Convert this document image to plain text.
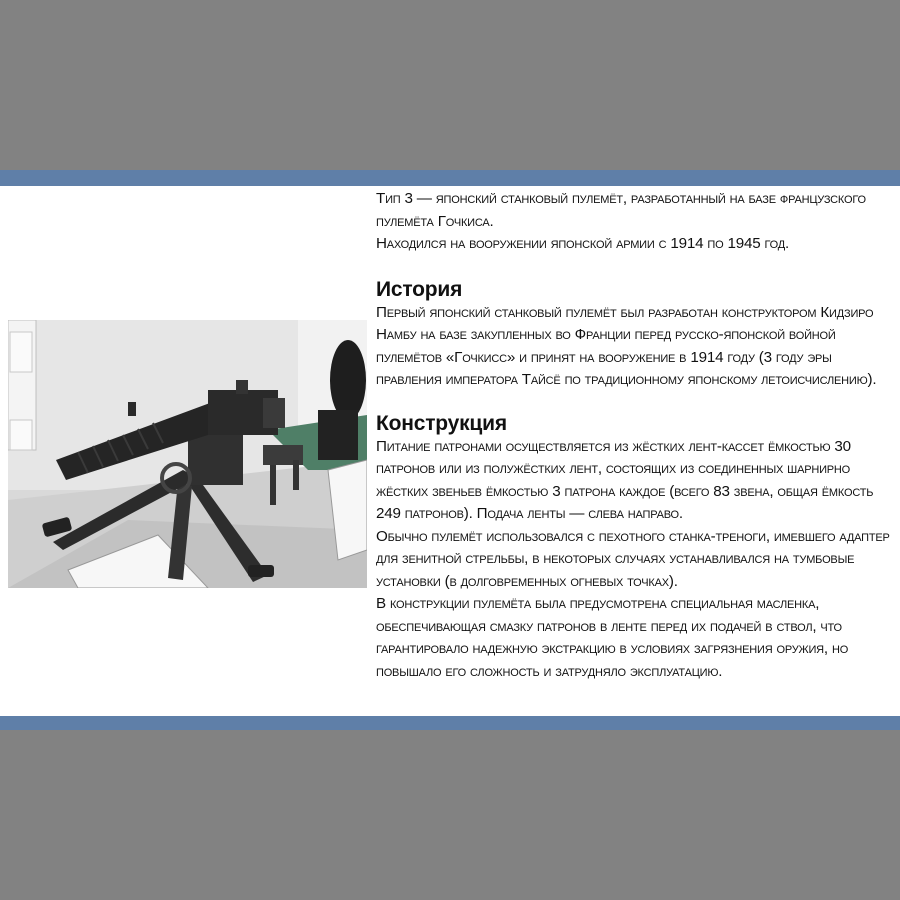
Тип 3 — японский станковый пулемёт, разработанный на базе французского пулемёта Гочкиса.

Находился на вооружении японской армии с 1914 по 1945 год.

История

Первый японский станковый пулемёт был разработан конструктором Кидзиро Намбу на базе закупленных во Франции перед русско-японской войной пулемётов «Гочкисс» и принят на вооружение в 1914 году (3 году эры правления императора Тайсё по традиционному японскому летоисчислению).

Конструкция

Питание патронами осуществляется из жёстких лент-кассет ёмкостью 30 патронов или из полужёстких лент, состоящих из соединенных шарнирно жёстких звеньев ёмкостью 3 патрона каждое (всего 83 звена, общая ёмкость 249 патронов). Подача ленты — слева направо.

Обычно пулемёт использовался с пехотного станка-треноги, имевшего адаптер для зенитной стрельбы, в некоторых случаях устанавливался на тумбовые установки (в долговременных огневых точках).

В конструкции пулемёта была предусмотрена специальная масленка, обеспечивающая смазку патронов в ленте перед их подачей в ствол, что гарантировало надежную экстракцию в условиях загрязнения оружия, но повышало его сложность и затрудняло эксплуатацию.
